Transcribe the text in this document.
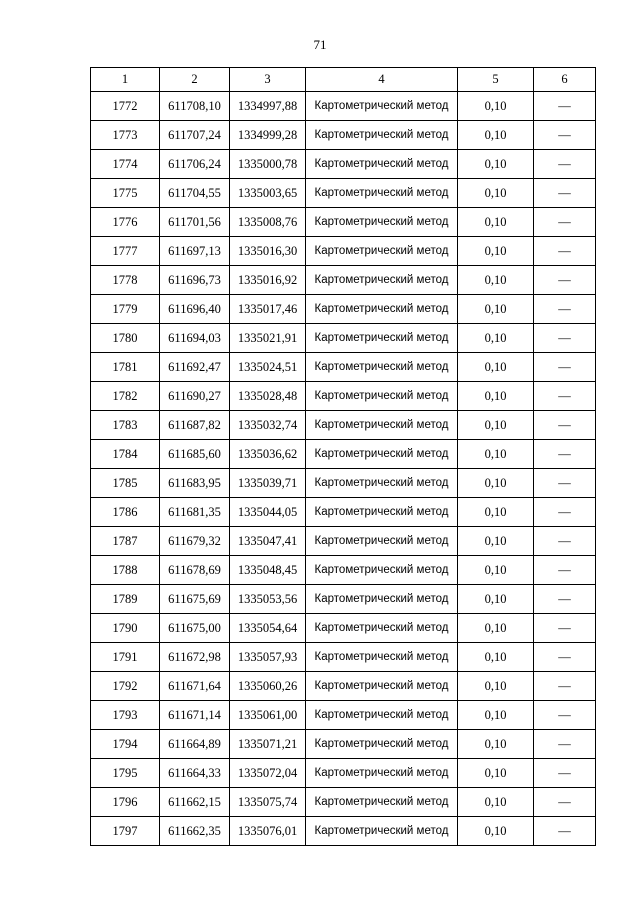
71
1	2	3	4	5	6
1772	611708,10	1334997,88	Картометрический метод	0,10	—
1773	611707,24	1334999,28	Картометрический метод	0,10	—
1774	611706,24	1335000,78	Картометрический метод	0,10	—
1775	611704,55	1335003,65	Картометрический метод	0,10	—
1776	611701,56	1335008,76	Картометрический метод	0,10	—
1777	611697,13	1335016,30	Картометрический метод	0,10	—
1778	611696,73	1335016,92	Картометрический метод	0,10	—
1779	611696,40	1335017,46	Картометрический метод	0,10	—
1780	611694,03	1335021,91	Картометрический метод	0,10	—
1781	611692,47	1335024,51	Картометрический метод	0,10	—
1782	611690,27	1335028,48	Картометрический метод	0,10	—
1783	611687,82	1335032,74	Картометрический метод	0,10	—
1784	611685,60	1335036,62	Картометрический метод	0,10	—
1785	611683,95	1335039,71	Картометрический метод	0,10	—
1786	611681,35	1335044,05	Картометрический метод	0,10	—
1787	611679,32	1335047,41	Картометрический метод	0,10	—
1788	611678,69	1335048,45	Картометрический метод	0,10	—
1789	611675,69	1335053,56	Картометрический метод	0,10	—
1790	611675,00	1335054,64	Картометрический метод	0,10	—
1791	611672,98	1335057,93	Картометрический метод	0,10	—
1792	611671,64	1335060,26	Картометрический метод	0,10	—
1793	611671,14	1335061,00	Картометрический метод	0,10	—
1794	611664,89	1335071,21	Картометрический метод	0,10	—
1795	611664,33	1335072,04	Картометрический метод	0,10	—
1796	611662,15	1335075,74	Картометрический метод	0,10	—
1797	611662,35	1335076,01	Картометрический метод	0,10	—
